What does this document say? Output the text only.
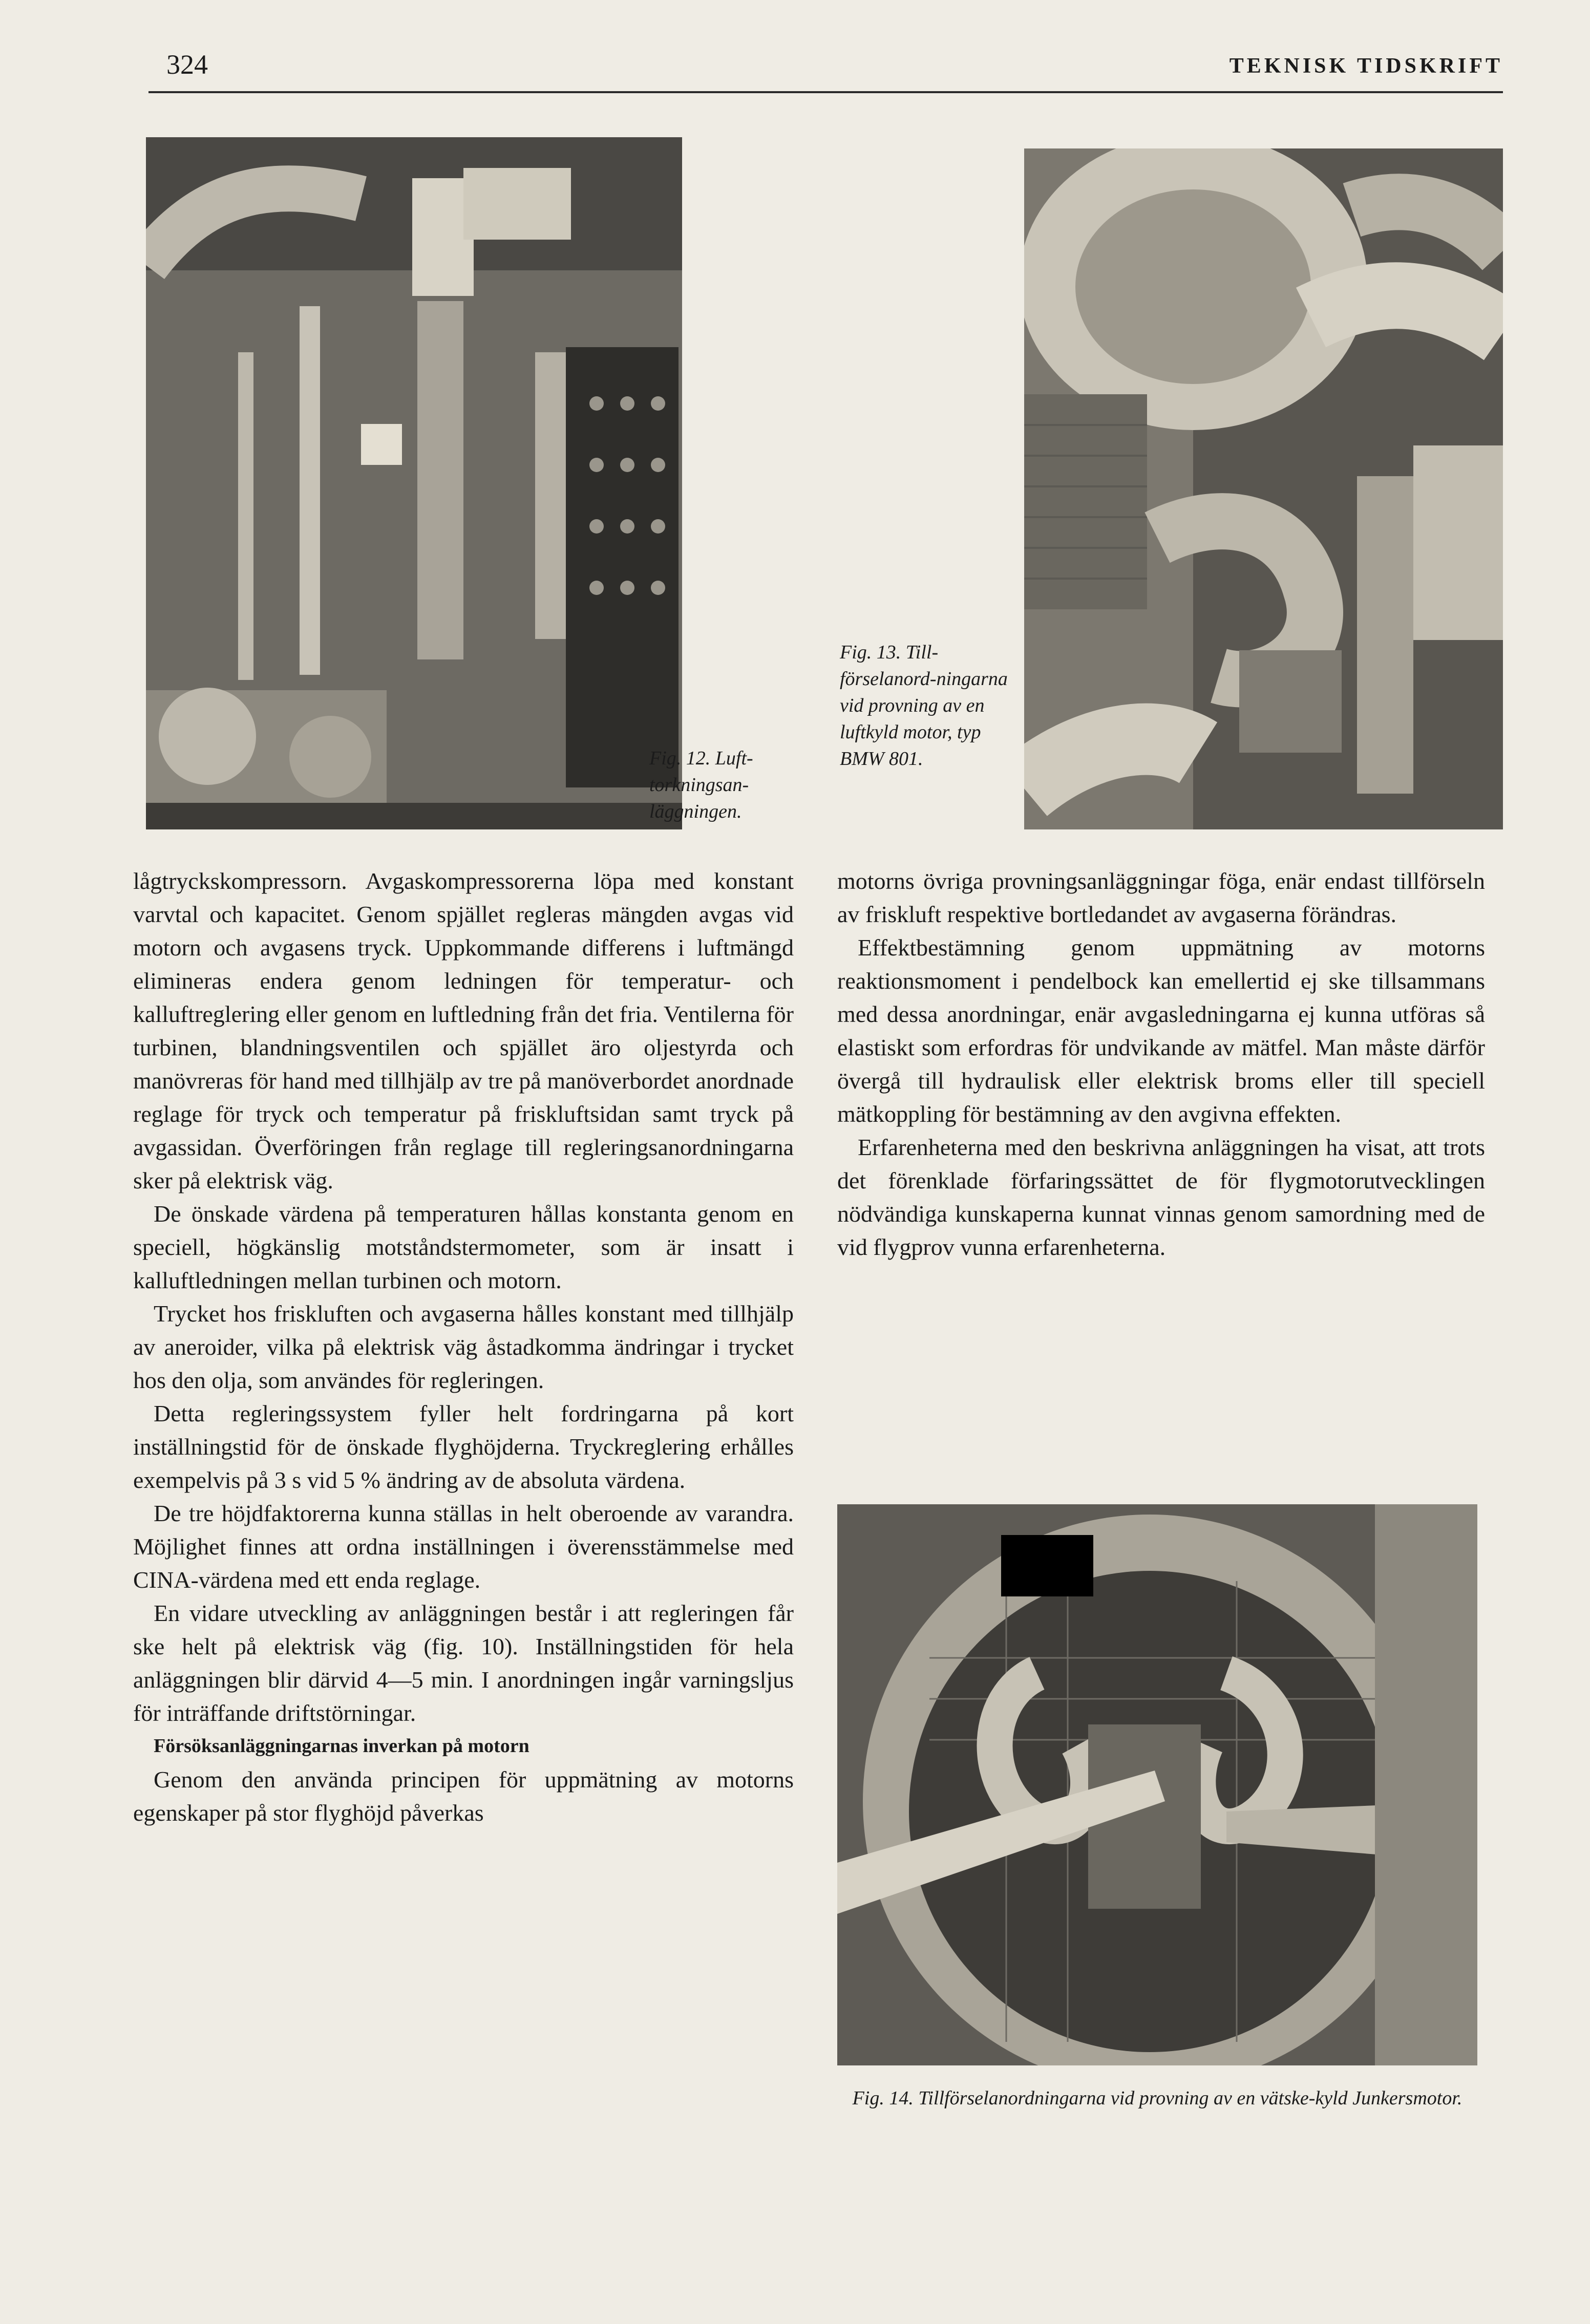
324	TEKNISK TIDSKRIFT
Fig. 12. Luft-torkningsan-läggningen.
Fig. 13. Till-förselanord-ningarna vid provning av en luftkyld motor, typ BMW 801.
Fig. 14. Tillförselanordningarna vid provning av en vätske-kyld Junkersmotor.

lågtryckskompressorn. Avgaskompressorerna löpa med konstant varvtal och kapacitet. Genom spjället regleras mängden avgas vid motorn och avgasens tryck. Uppkommande differens i luftmängd elimineras endera genom ledningen för temperatur- och kalluftreglering eller genom en luftledning från det fria. Ventilerna för turbinen, blandningsventilen och spjället äro oljestyrda och manövreras för hand med tillhjälp av tre på manöverbordet anordnade reglage för tryck och temperatur på friskluftsidan samt tryck på avgassidan. Överföringen från reglage till regleringsanordningarna sker på elektrisk väg.

De önskade värdena på temperaturen hållas konstanta genom en speciell, högkänslig motståndstermometer, som är insatt i kalluftledningen mellan turbinen och motorn.

Trycket hos friskluften och avgaserna hålles konstant med tillhjälp av aneroider, vilka på elektrisk väg åstadkomma ändringar i trycket hos den olja, som användes för regleringen.

Detta regleringssystem fyller helt fordringarna på kort inställningstid för de önskade flyghöjderna. Tryckreglering erhålles exempelvis på 3 s vid 5 % ändring av de absoluta värdena.

De tre höjdfaktorerna kunna ställas in helt oberoende av varandra. Möjlighet finnes att ordna inställningen i överensstämmelse med CINA-värdena med ett enda reglage.

En vidare utveckling av anläggningen består i att regleringen får ske helt på elektrisk väg (fig. 10). Inställningstiden för hela anläggningen blir därvid 4—5 min. I anordningen ingår varningsljus för inträffande driftstörningar.

Försöksanläggningarnas inverkan på motorn

Genom den använda principen för uppmätning av motorns egenskaper på stor flyghöjd påverkas

motorns övriga provningsanläggningar föga, enär endast tillförseln av friskluft respektive bortledandet av avgaserna förändras.

Effektbestämning genom uppmätning av motorns reaktionsmoment i pendelbock kan emellertid ej ske tillsammans med dessa anordningar, enär avgasledningarna ej kunna utföras så elastiskt som erfordras för undvikande av mätfel. Man måste därför övergå till hydraulisk eller elektrisk broms eller till speciell mätkoppling för bestämning av den avgivna effekten.

Erfarenheterna med den beskrivna anläggningen ha visat, att trots det förenklade förfaringssättet de för flygmotorutvecklingen nödvändiga kunskaperna kunnat vinnas genom samordning med de vid flygprov vunna erfarenheterna.
